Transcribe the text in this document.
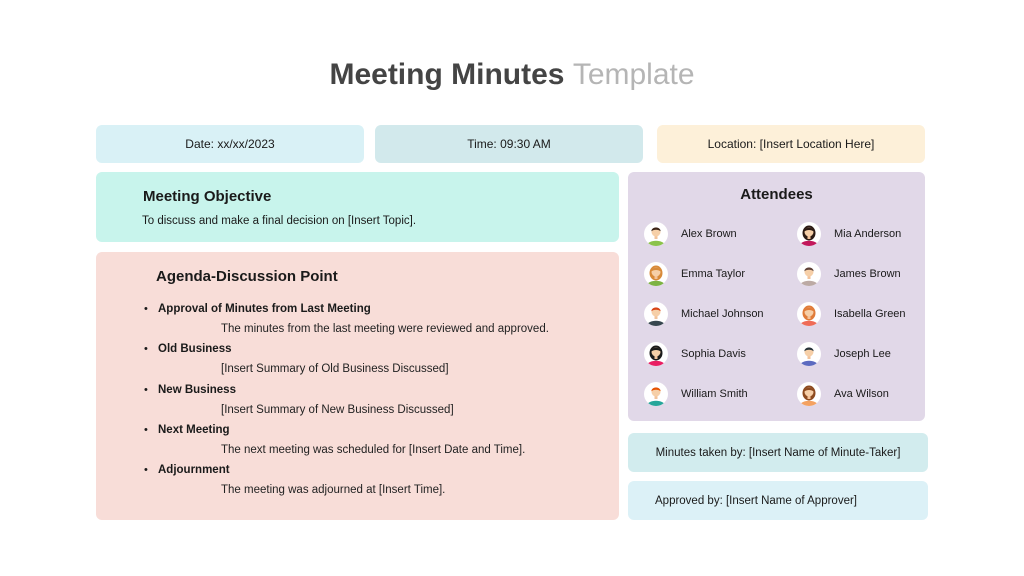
Meeting Minutes Template
Date: xx/xx/2023	Time: 09:30 AM	Location: [Insert Location Here]
Meeting Objective
To discuss and make a final decision on [Insert Topic].
Agenda-Discussion Point
• Approval of Minutes from Last Meeting
The minutes from the last meeting were reviewed and approved.
• Old Business
[Insert Summary of Old Business Discussed]
• New Business
[Insert Summary of New Business Discussed]
• Next Meeting
The next meeting was scheduled for [Insert Date and Time].
• Adjournment
The meeting was adjourned at [Insert Time].
Attendees
Alex Brown	Mia Anderson
Emma Taylor	James Brown
Michael Johnson	Isabella Green
Sophia Davis	Joseph Lee
William Smith	Ava Wilson
Minutes taken by: [Insert Name of Minute-Taker]
Approved by: [Insert Name of Approver]
